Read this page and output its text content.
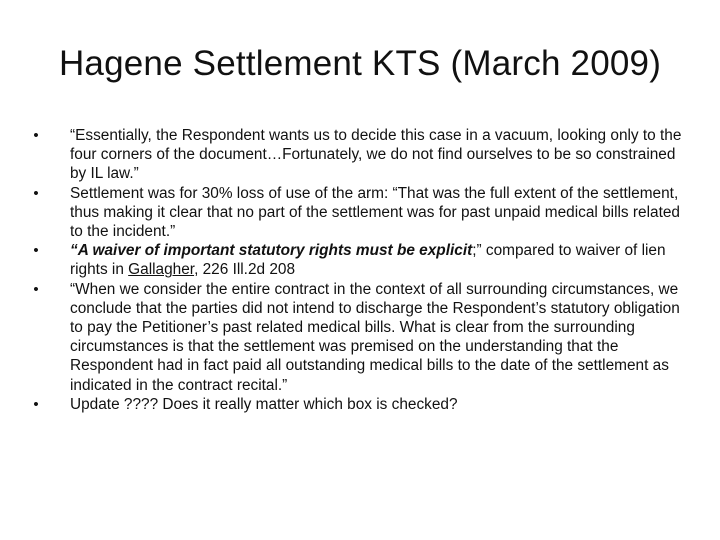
Hagene Settlement KTS (March 2009)
•	“Essentially, the Respondent wants us to decide this case in a vacuum, looking only to the four corners of the document…Fortunately, we do not find ourselves to be so constrained by IL law.”
•	Settlement was for 30% loss of use of the arm: “That was the full extent of the settlement, thus making it clear that no part of the settlement was for past unpaid medical bills related to the incident.”
•	“A waiver of important statutory rights must be explicit;” compared to waiver of lien rights in Gallagher, 226 Ill.2d 208
•	“When we consider the entire contract in the context of all surrounding circumstances, we conclude that the parties did not intend to discharge the Respondent’s statutory obligation to pay the Petitioner’s past related medical bills. What is clear from the surrounding circumstances is that the settlement was premised on the understanding that the Respondent had in fact paid all outstanding medical bills to the date of the settlement as indicated in the contract recital.”
•	Update ???? Does it really matter which box is checked?
